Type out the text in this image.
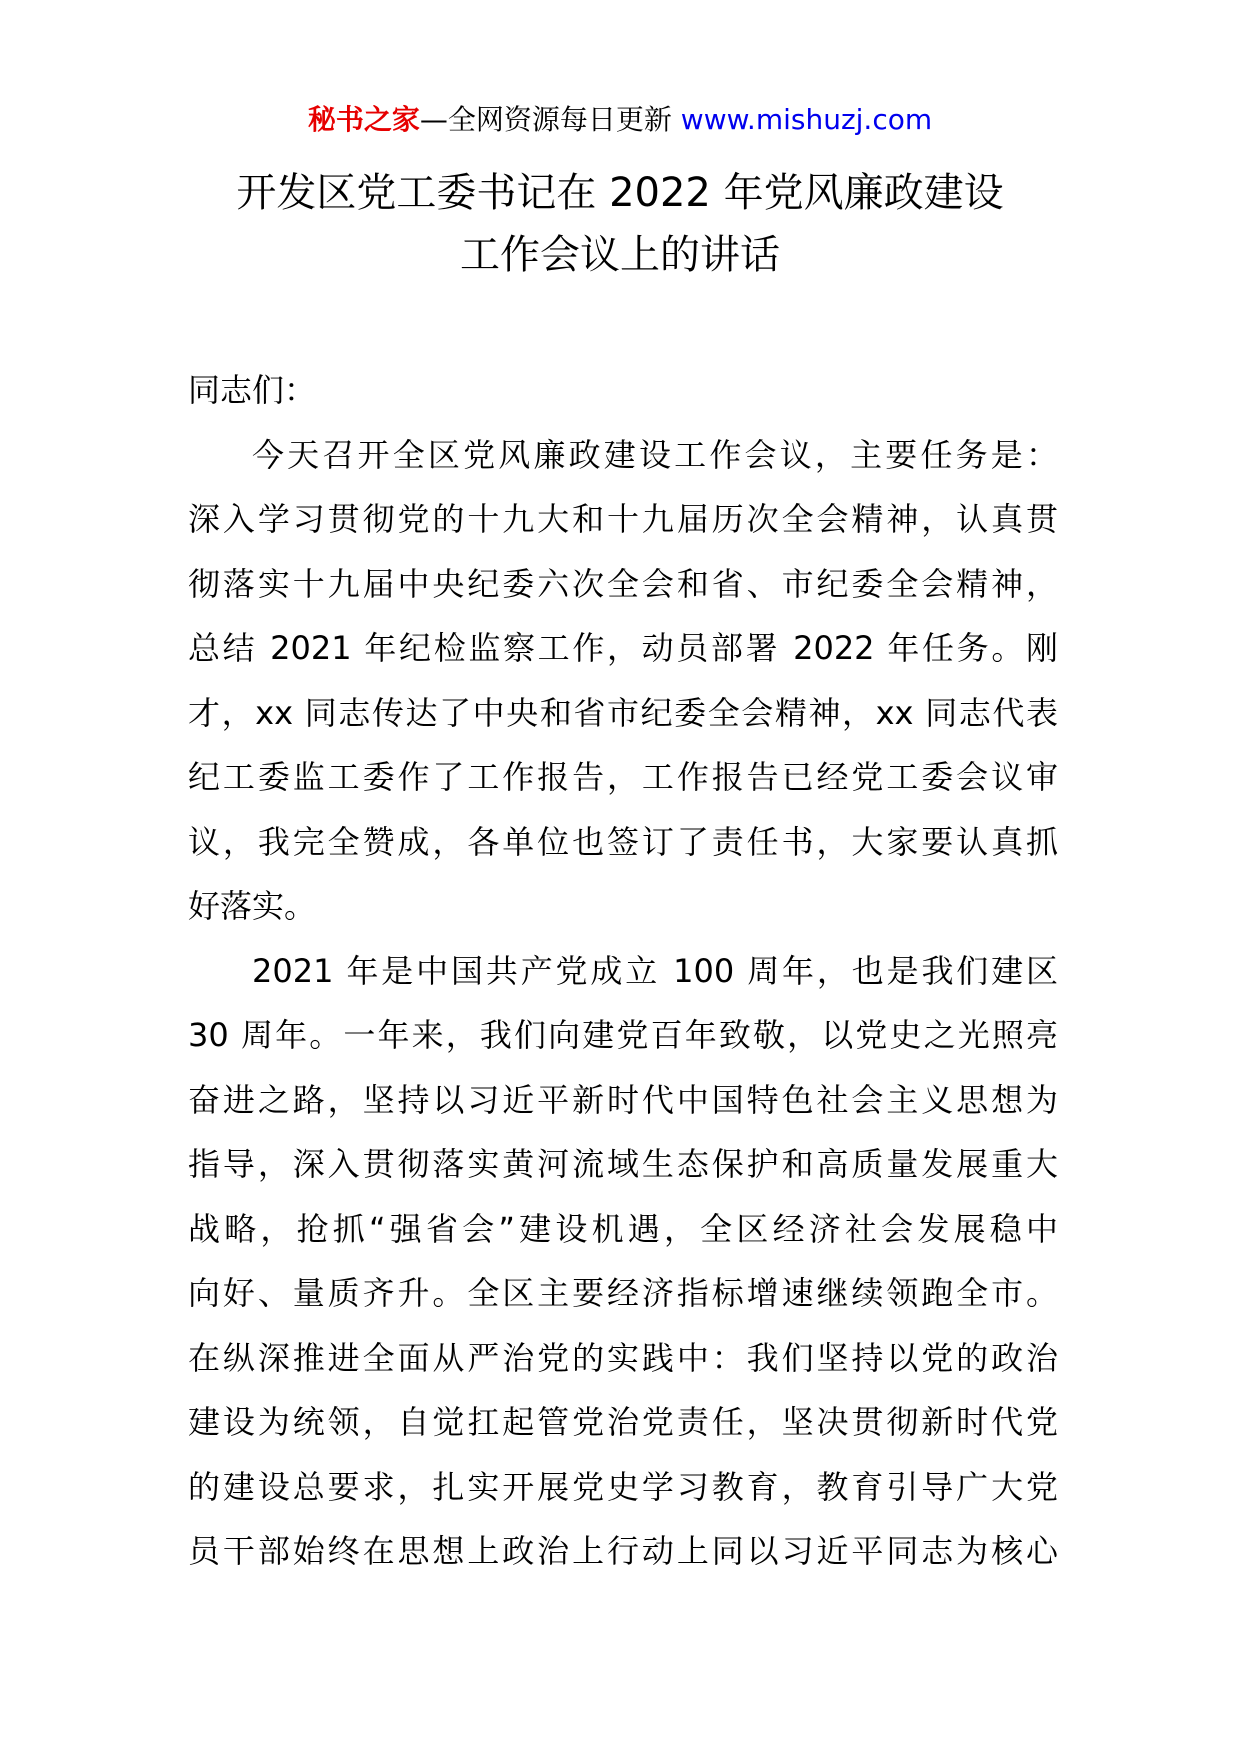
秘书之家—全网资源每日更新 www.mishuzj.com
开发区党工委书记在 2022 年党风廉政建设
工作会议上的讲话
同志们：
今天召开全区党风廉政建设工作会议，主要任务是：
深入学习贯彻党的十九大和十九届历次全会精神，认真贯
彻落实十九届中央纪委六次全会和省、市纪委全会精神，
总结 2021 年纪检监察工作，动员部署 2022 年任务。刚
才，xx 同志传达了中央和省市纪委全会精神，xx 同志代表
纪工委监工委作了工作报告，工作报告已经党工委会议审
议，我完全赞成，各单位也签订了责任书，大家要认真抓
好落实。
2021 年是中国共产党成立 100 周年，也是我们建区
30 周年。一年来，我们向建党百年致敬，以党史之光照亮
奋进之路，坚持以习近平新时代中国特色社会主义思想为
指导，深入贯彻落实黄河流域生态保护和高质量发展重大
战略，抢抓“强省会”建设机遇，全区经济社会发展稳中
向好、量质齐升。全区主要经济指标增速继续领跑全市。
在纵深推进全面从严治党的实践中：我们坚持以党的政治
建设为统领，自觉扛起管党治党责任，坚决贯彻新时代党
的建设总要求，扎实开展党史学习教育，教育引导广大党
员干部始终在思想上政治上行动上同以习近平同志为核心
